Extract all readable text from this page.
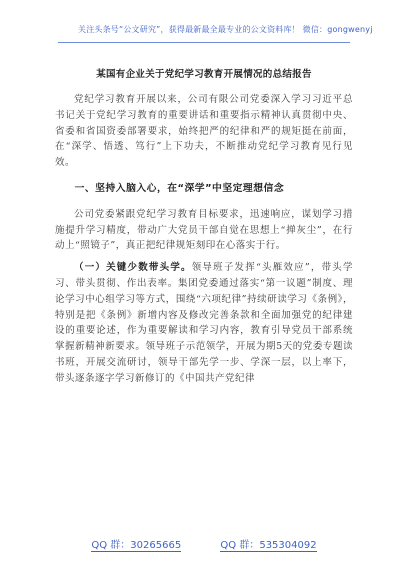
关注头条号“公文研究”，获得最新最全最专业的公文资料库！ 微信：gongwenyj
某国有企业关于党纪学习教育开展情况的总结报告

党纪学习教育开展以来，公司有限公司党委深入学习习近平总书记关于党纪学习教育的重要讲话和重要指示精神认真贯彻中央、省委和省国资委部署要求，始终把严的纪律和严的规矩挺在前面，在“深学、悟透、笃行”上下功夫，不断推动党纪学习教育见行见效。

一、坚持入脑入心，在“深学”中坚定理想信念

公司党委紧跟党纪学习教育目标要求，迅速响应，谋划学习措施提升学习精度，带动广大党员干部自觉在思想上“掸灰尘”，在行动上“照镜子”，真正把纪律规矩刻印在心落实于行。

（一）关键少数带头学。领导班子发挥“头雁效应”，带头学习、带头贯彻、作出表率。集团党委通过落实“第一议题”制度、理论学习中心组学习等方式，围绕“六项纪律”持续研读学习《条例》，特别是把《条例》新增内容及修改完善条款和全面加强党的纪律建设的重要论述，作为重要解读和学习内容，教育引导党员干部系统掌握新精神新要求。领导班子示范领学，开展为期5天的党委专题读书班，开展交流研讨，领导干部先学一步、学深一层，以上率下，带头逐条逐字学习新修订的《中国共产党纪律

QQ 群：30265665	QQ 群：535304092
